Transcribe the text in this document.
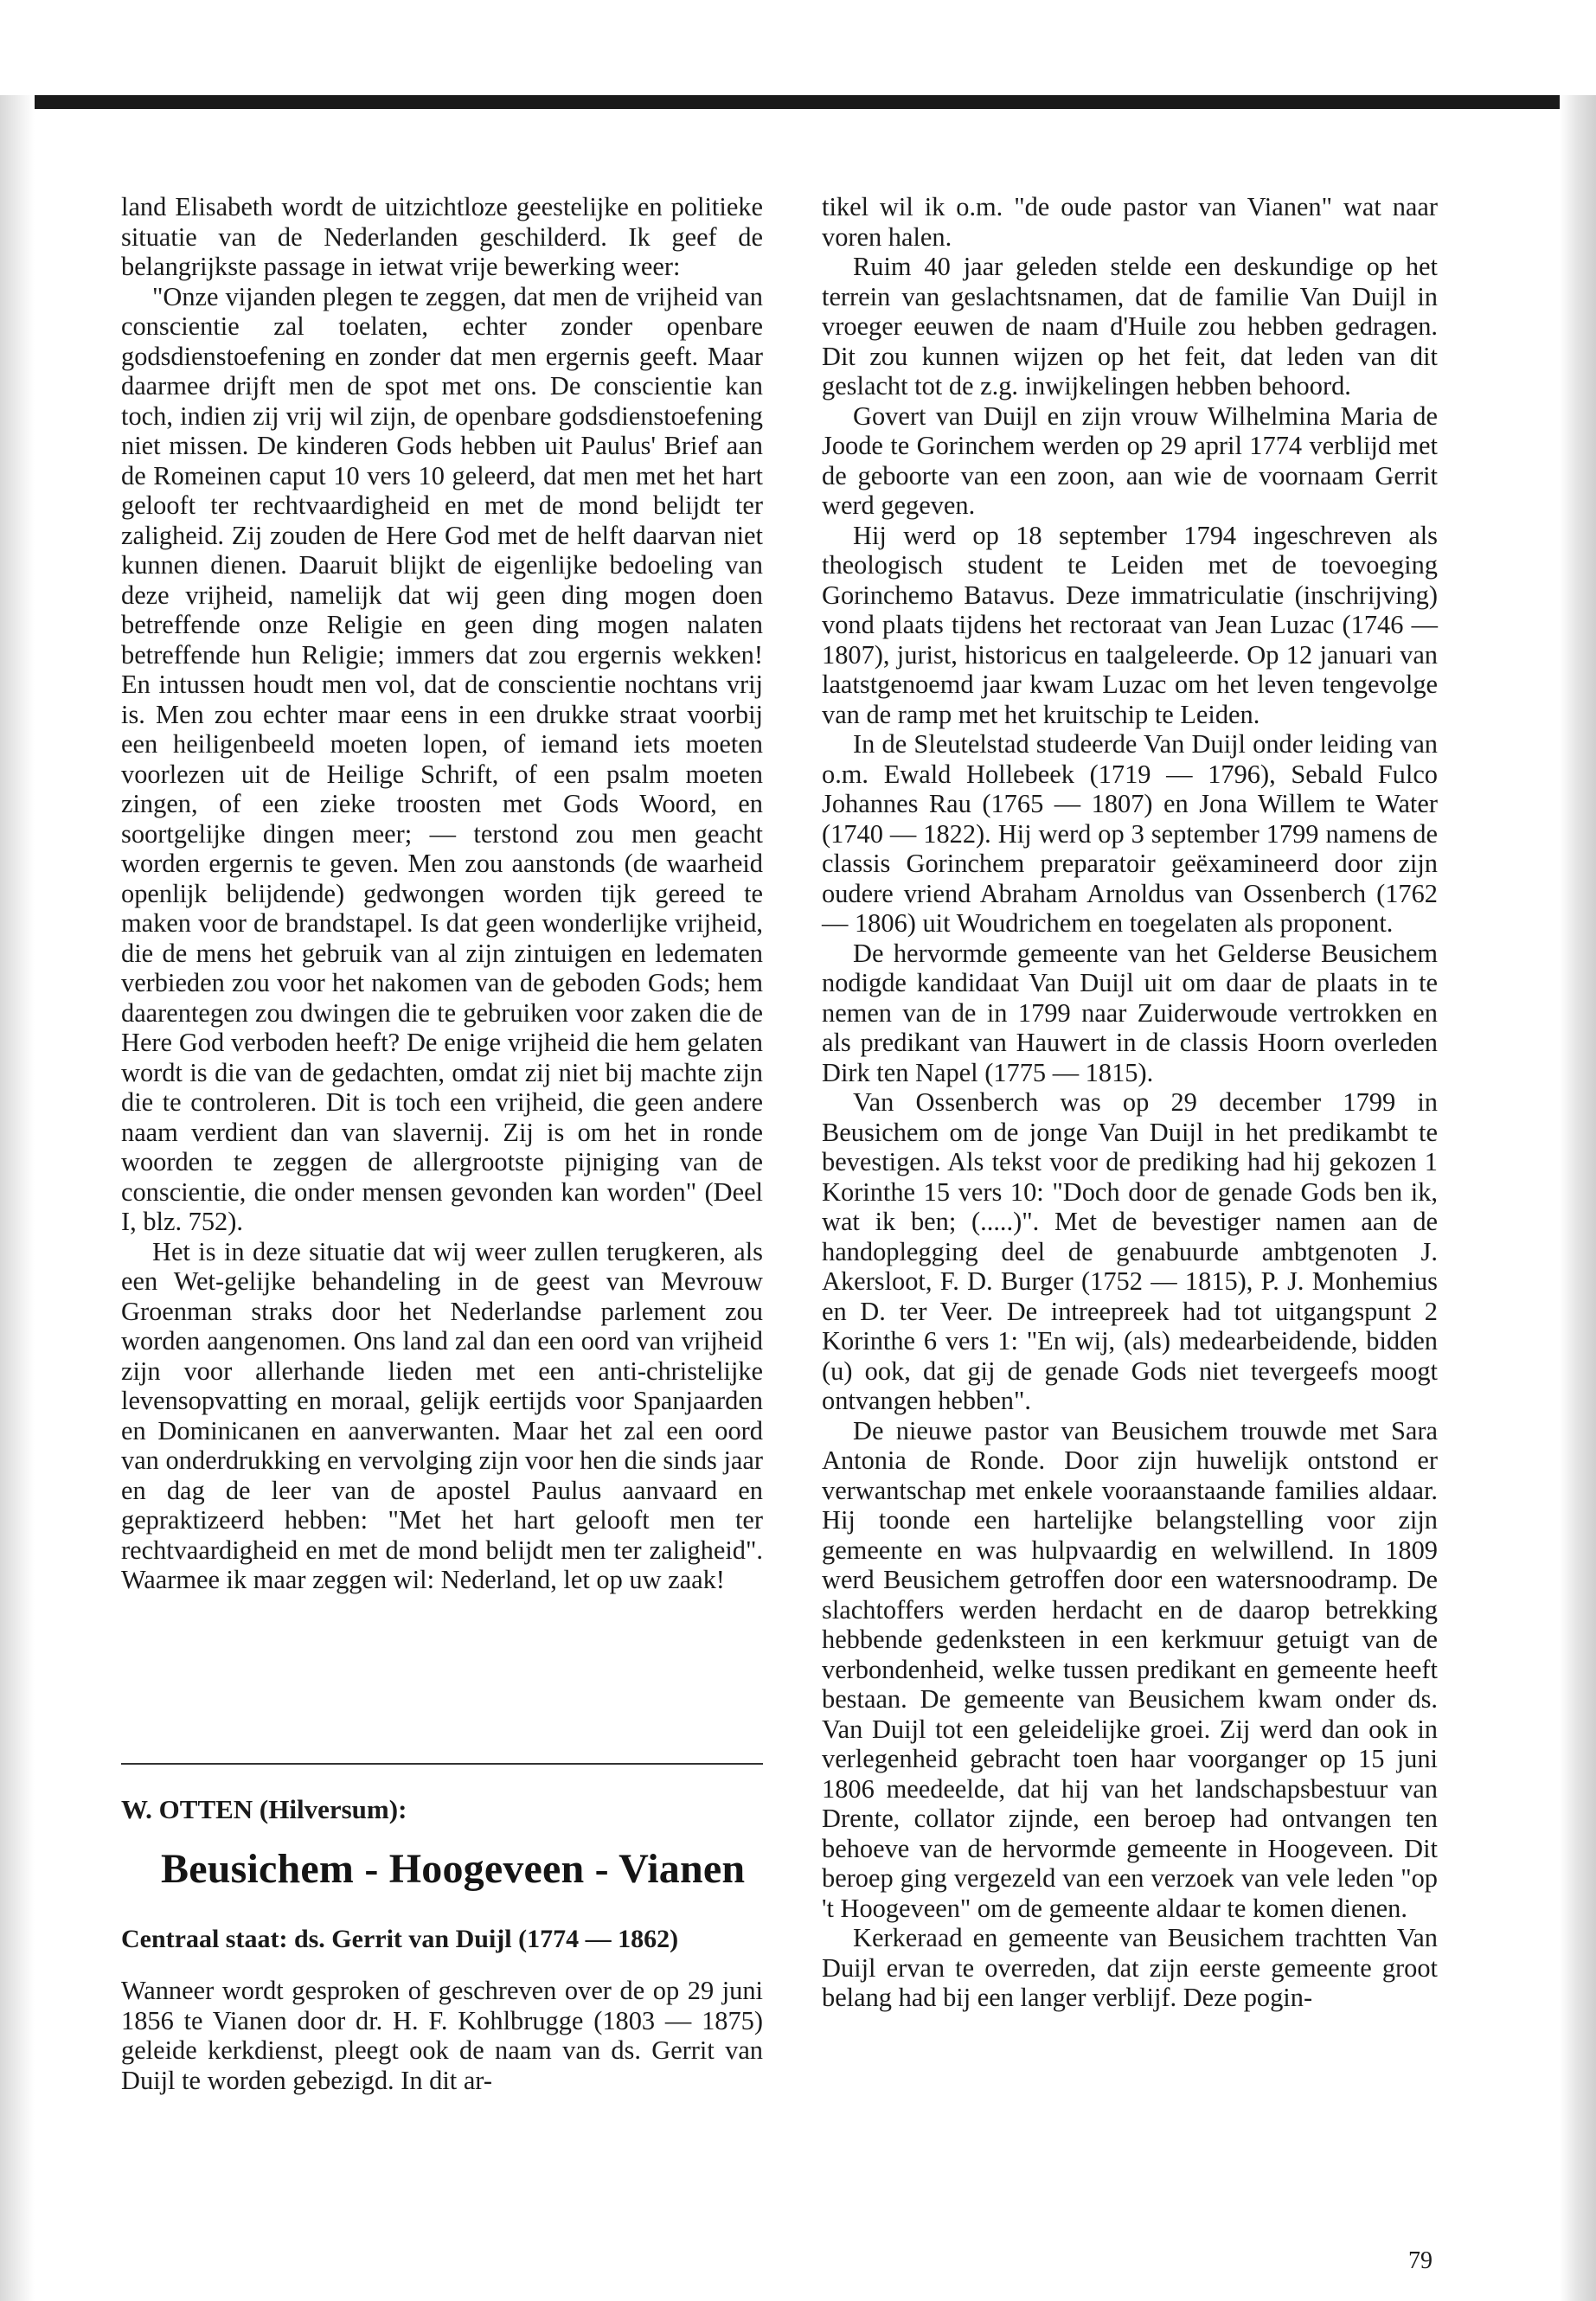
land Elisabeth wordt de uitzichtloze geestelijke en politieke situatie van de Nederlanden geschilderd. Ik geef de belangrijkste passage in ietwat vrije bewerking weer:

"Onze vijanden plegen te zeggen, dat men de vrijheid van conscientie zal toelaten, echter zonder openbare godsdienstoefening en zonder dat men ergernis geeft. Maar daarmee drijft men de spot met ons. De conscientie kan toch, indien zij vrij wil zijn, de openbare godsdienstoefening niet missen. De kinderen Gods hebben uit Paulus' Brief aan de Romeinen caput 10 vers 10 geleerd, dat men met het hart gelooft ter rechtvaardigheid en met de mond belijdt ter zaligheid. Zij zouden de Here God met de helft daarvan niet kunnen dienen. Daaruit blijkt de eigenlijke bedoeling van deze vrijheid, namelijk dat wij geen ding mogen doen betreffende onze Religie en geen ding mogen nalaten betreffende hun Religie; immers dat zou ergernis wekken! En intussen houdt men vol, dat de conscientie nochtans vrij is. Men zou echter maar eens in een drukke straat voorbij een heiligenbeeld moeten lopen, of iemand iets moeten voorlezen uit de Heilige Schrift, of een psalm moeten zingen, of een zieke troosten met Gods Woord, en soortgelijke dingen meer; — terstond zou men geacht worden ergernis te geven. Men zou aanstonds (de waarheid openlijk belijdende) gedwongen worden tijk gereed te maken voor de brandstapel. Is dat geen wonderlijke vrijheid, die de mens het gebruik van al zijn zintuigen en ledematen verbieden zou voor het nakomen van de geboden Gods; hem daarentegen zou dwingen die te gebruiken voor zaken die de Here God verboden heeft? De enige vrijheid die hem gelaten wordt is die van de gedachten, omdat zij niet bij machte zijn die te controleren. Dit is toch een vrijheid, die geen andere naam verdient dan van slavernij. Zij is om het in ronde woorden te zeggen de allergrootste pijniging van de conscientie, die onder mensen gevonden kan worden" (Deel I, blz. 752).

Het is in deze situatie dat wij weer zullen terugkeren, als een Wet-gelijke behandeling in de geest van Mevrouw Groenman straks door het Nederlandse parlement zou worden aangenomen. Ons land zal dan een oord van vrijheid zijn voor allerhande lieden met een anti-christelijke levensopvatting en moraal, gelijk eertijds voor Spanjaarden en Dominicanen en aanverwanten. Maar het zal een oord van onderdrukking en vervolging zijn voor hen die sinds jaar en dag de leer van de apostel Paulus aanvaard en gepraktizeerd hebben: "Met het hart gelooft men ter rechtvaardigheid en met de mond belijdt men ter zaligheid". Waarmee ik maar zeggen wil: Nederland, let op uw zaak!

W. OTTEN (Hilversum):
Beusichem - Hoogeveen - Vianen
Centraal staat: ds. Gerrit van Duijl (1774 — 1862)

Wanneer wordt gesproken of geschreven over de op 29 juni 1856 te Vianen door dr. H. F. Kohlbrugge (1803 — 1875) geleide kerkdienst, pleegt ook de naam van ds. Gerrit van Duijl te worden gebezigd. In dit ar-

tikel wil ik o.m. "de oude pastor van Vianen" wat naar voren halen.

Ruim 40 jaar geleden stelde een deskundige op het terrein van geslachtsnamen, dat de familie Van Duijl in vroeger eeuwen de naam d'Huile zou hebben gedragen. Dit zou kunnen wijzen op het feit, dat leden van dit geslacht tot de z.g. inwijkelingen hebben behoord.

Govert van Duijl en zijn vrouw Wilhelmina Maria de Joode te Gorinchem werden op 29 april 1774 verblijd met de geboorte van een zoon, aan wie de voornaam Gerrit werd gegeven.

Hij werd op 18 september 1794 ingeschreven als theologisch student te Leiden met de toevoeging Gorinchemo Batavus. Deze immatriculatie (inschrijving) vond plaats tijdens het rectoraat van Jean Luzac (1746 — 1807), jurist, historicus en taalgeleerde. Op 12 januari van laatstgenoemd jaar kwam Luzac om het leven tengevolge van de ramp met het kruitschip te Leiden.

In de Sleutelstad studeerde Van Duijl onder leiding van o.m. Ewald Hollebeek (1719 — 1796), Sebald Fulco Johannes Rau (1765 — 1807) en Jona Willem te Water (1740 — 1822). Hij werd op 3 september 1799 namens de classis Gorinchem preparatoir geëxamineerd door zijn oudere vriend Abraham Arnoldus van Ossenberch (1762 — 1806) uit Woudrichem en toegelaten als proponent.

De hervormde gemeente van het Gelderse Beusichem nodigde kandidaat Van Duijl uit om daar de plaats in te nemen van de in 1799 naar Zuiderwoude vertrokken en als predikant van Hauwert in de classis Hoorn overleden Dirk ten Napel (1775 — 1815).

Van Ossenberch was op 29 december 1799 in Beusichem om de jonge Van Duijl in het predikambt te bevestigen. Als tekst voor de prediking had hij gekozen 1 Korinthe 15 vers 10: "Doch door de genade Gods ben ik, wat ik ben; (.....)". Met de bevestiger namen aan de handoplegging deel de genabuurde ambtgenoten J. Akersloot, F. D. Burger (1752 — 1815), P. J. Monhemius en D. ter Veer. De intreepreek had tot uitgangspunt 2 Korinthe 6 vers 1: "En wij, (als) medearbeidende, bidden (u) ook, dat gij de genade Gods niet tevergeefs moogt ontvangen hebben".

De nieuwe pastor van Beusichem trouwde met Sara Antonia de Ronde. Door zijn huwelijk ontstond er verwantschap met enkele vooraanstaande families aldaar. Hij toonde een hartelijke belangstelling voor zijn gemeente en was hulpvaardig en welwillend. In 1809 werd Beusichem getroffen door een watersnoodramp. De slachtoffers werden herdacht en de daarop betrekking hebbende gedenksteen in een kerkmuur getuigt van de verbondenheid, welke tussen predikant en gemeente heeft bestaan. De gemeente van Beusichem kwam onder ds. Van Duijl tot een geleidelijke groei. Zij werd dan ook in verlegenheid gebracht toen haar voorganger op 15 juni 1806 meedeelde, dat hij van het landschapsbestuur van Drente, collator zijnde, een beroep had ontvangen ten behoeve van de hervormde gemeente in Hoogeveen. Dit beroep ging vergezeld van een verzoek van vele leden "op 't Hoogeveen" om de gemeente aldaar te komen dienen.

Kerkeraad en gemeente van Beusichem trachtten Van Duijl ervan te overreden, dat zijn eerste gemeente groot belang had bij een langer verblijf. Deze pogin-

79
